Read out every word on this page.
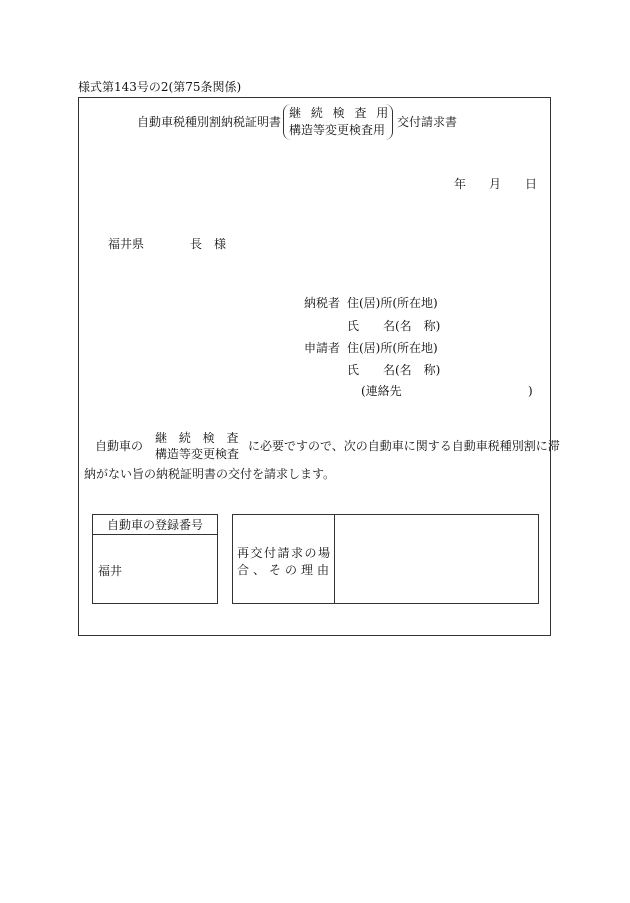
様式第143号の2(第75条関係)
自動車税種別割納税証明書
継 続 検 査 用
構造等変更検査用
交付請求書
年 月 日
福井県	長　様
納税者 住(居)所(所在地)
氏　　名(名　称)
申請者 住(居)所(所在地)
氏　　名(名　称)
(連絡先	)
自動車の
継 続 検 査
構造等変更検査
に必要ですので、次の自動車に関する自動車税種別割に滞
納がない旨の納税証明書の交付を請求します。
自動車の登録番号
福井
再交付請求の場
合、その理由
